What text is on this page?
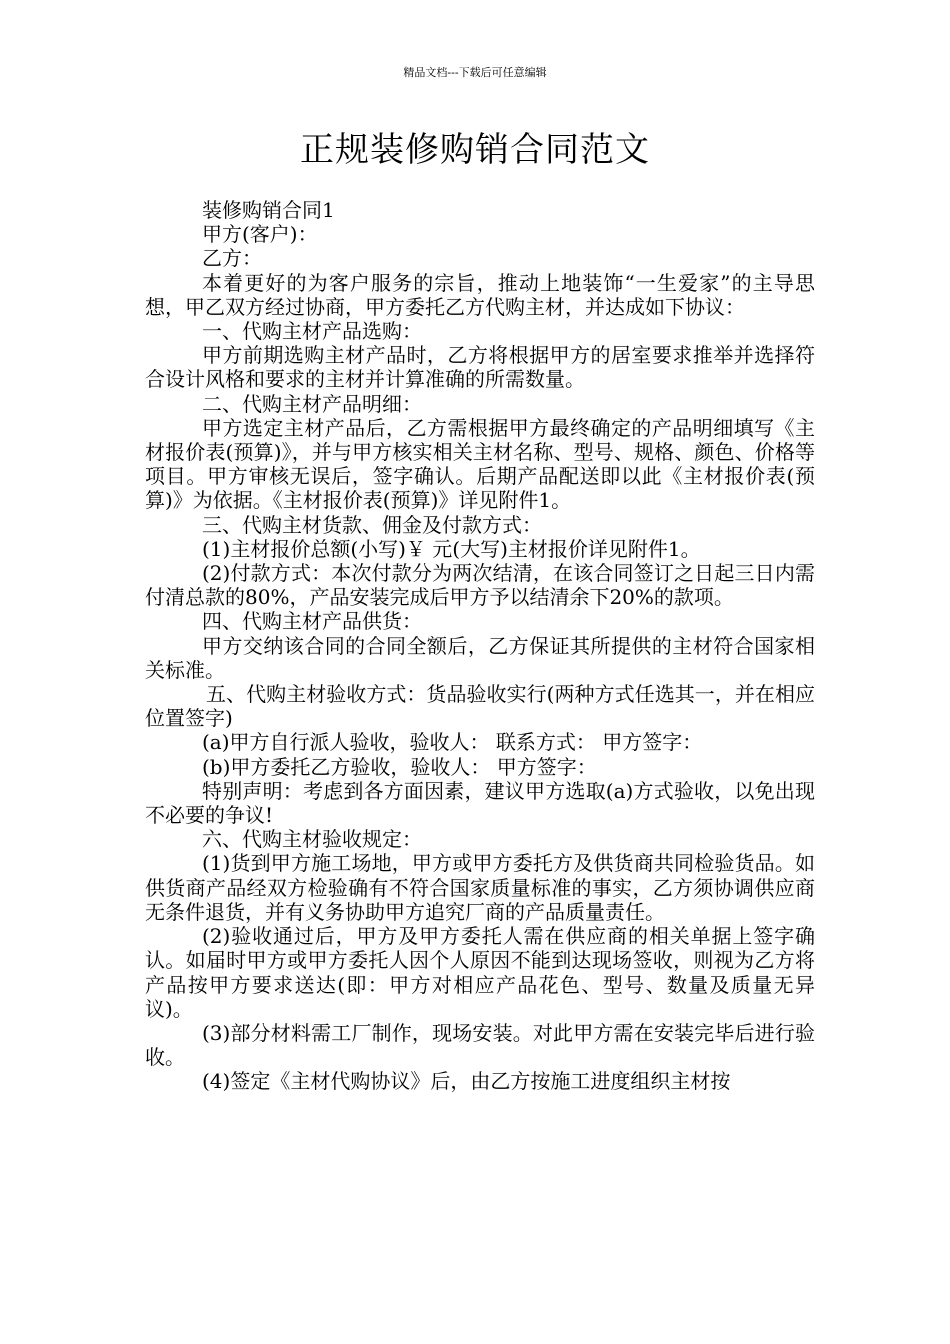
精品文档---下载后可任意编辑
正规装修购销合同范文

装修购销合同1

甲方(客户)：

乙方：

本着更好的为客户服务的宗旨，推动上地装饰“一生爱家”的主导思想，甲乙双方经过协商，甲方委托乙方代购主材，并达成如下协议：

一、代购主材产品选购：

甲方前期选购主材产品时，乙方将根据甲方的居室要求推举并选择符合设计风格和要求的主材并计算准确的所需数量。

二、代购主材产品明细：

甲方选定主材产品后，乙方需根据甲方最终确定的产品明细填写《主材报价表(预算)》，并与甲方核实相关主材名称、型号、规格、颜色、价格等项目。甲方审核无误后，签字确认。后期产品配送即以此《主材报价表(预算)》为依据。《主材报价表(预算)》详见附件1。

三、代购主材货款、佣金及付款方式：

(1)主材报价总额(小写)￥ 元(大写)主材报价详见附件1。

(2)付款方式：本次付款分为两次结清，在该合同签订之日起三日内需付清总款的80%，产品安装完成后甲方予以结清余下20%的款项。

四、代购主材产品供货：

甲方交纳该合同的合同全额后，乙方保证其所提供的主材符合国家相关标准。

五、代购主材验收方式：货品验收实行(两种方式任选其一，并在相应位置签字)

(a)甲方自行派人验收，验收人： 联系方式： 甲方签字：

(b)甲方委托乙方验收，验收人： 甲方签字：

特别声明：考虑到各方面因素，建议甲方选取(a)方式验收，以免出现不必要的争议!

六、代购主材验收规定：

(1)货到甲方施工场地，甲方或甲方委托方及供货商共同检验货品。如供货商产品经双方检验确有不符合国家质量标准的事实，乙方须协调供应商无条件退货，并有义务协助甲方追究厂商的产品质量责任。

(2)验收通过后，甲方及甲方委托人需在供应商的相关单据上签字确认。如届时甲方或甲方委托人因个人原因不能到达现场签收，则视为乙方将产品按甲方要求送达(即：甲方对相应产品花色、型号、数量及质量无异议)。

(3)部分材料需工厂制作，现场安装。对此甲方需在安装完毕后进行验收。

(4)签定《主材代购协议》后，由乙方按施工进度组织主材按
